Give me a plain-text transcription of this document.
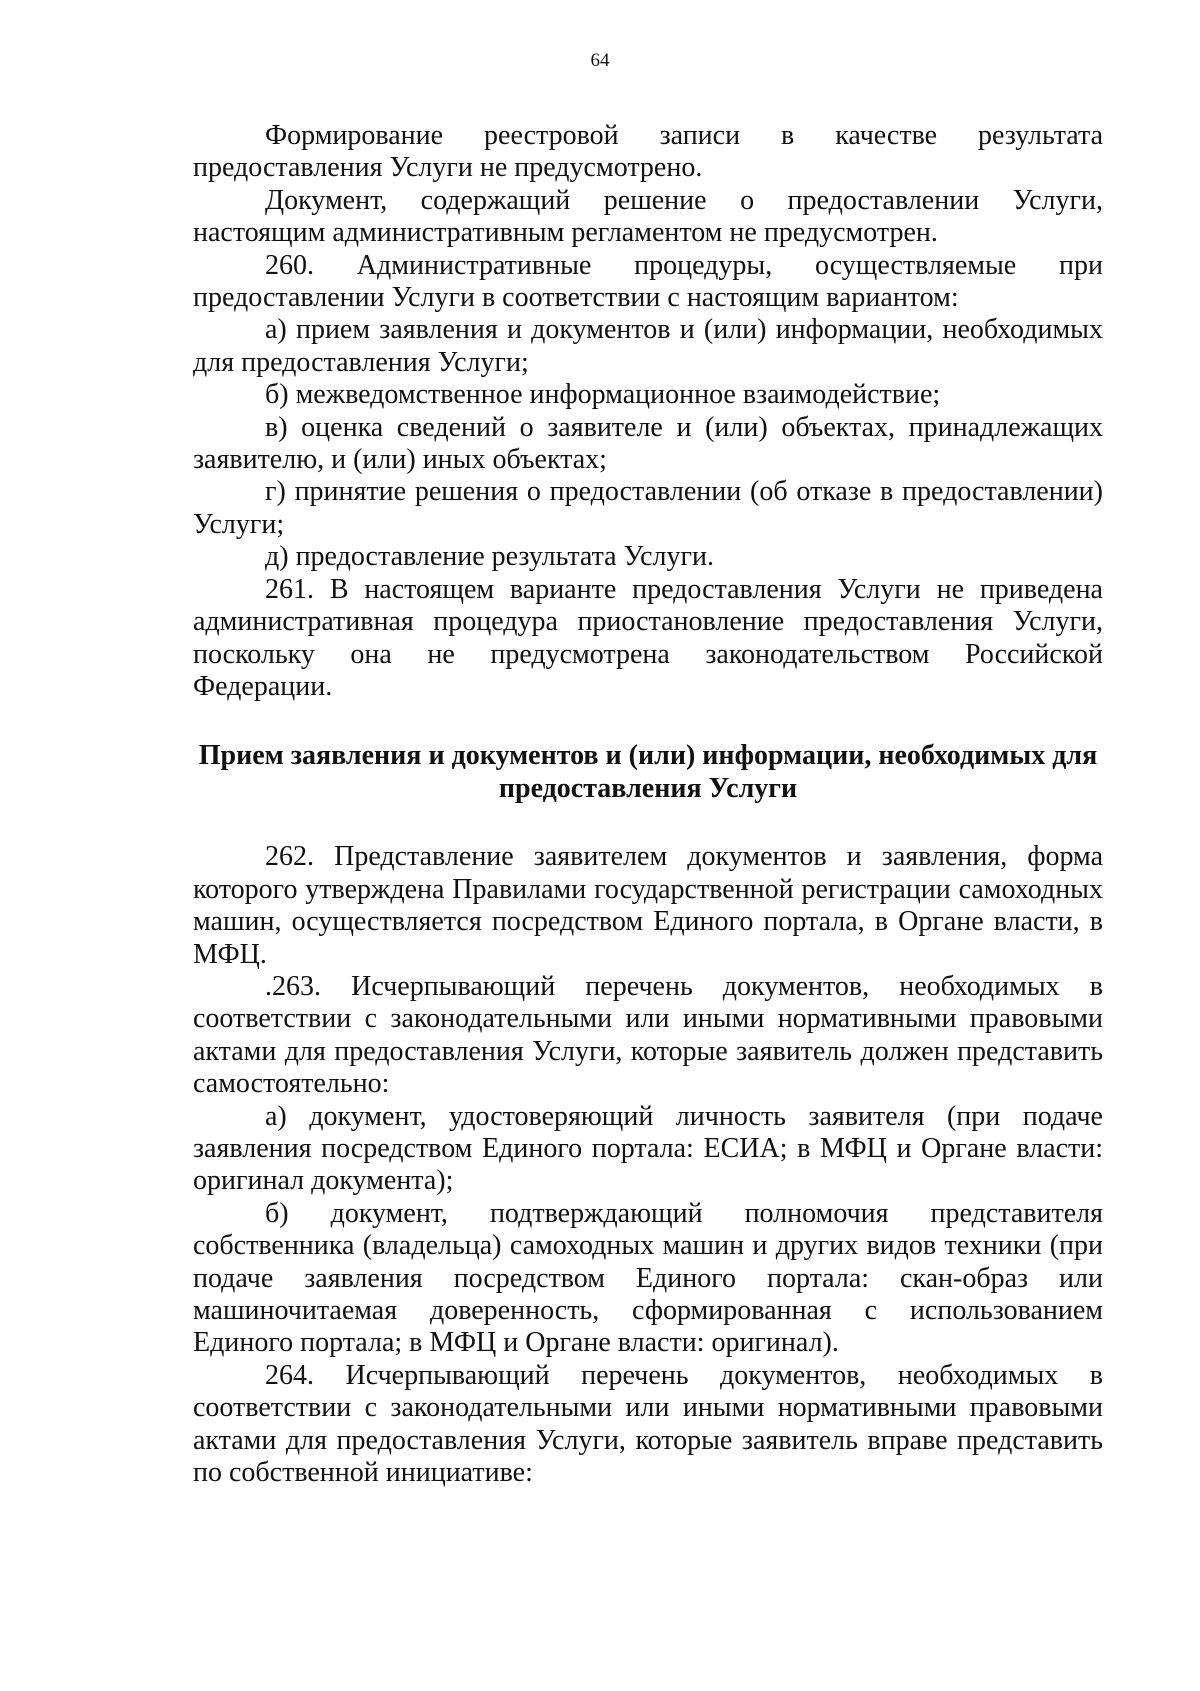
64

Формирование реестровой записи в качестве результата предоставления Услуги не предусмотрено.

Документ, содержащий решение о предоставлении Услуги, настоящим административным регламентом не предусмотрен.

260. Административные процедуры, осуществляемые при предоставлении Услуги в соответствии с настоящим вариантом:

а) прием заявления и документов и (или) информации, необходимых для предоставления Услуги;

б) межведомственное информационное взаимодействие;

в) оценка сведений о заявителе и (или) объектах, принадлежащих заявителю, и (или) иных объектах;

г) принятие решения о предоставлении (об отказе в предоставлении) Услуги;

д) предоставление результата Услуги.

261. В настоящем варианте предоставления Услуги не приведена административная процедура приостановление предоставления Услуги, поскольку она не предусмотрена законодательством Российской Федерации.

Прием заявления и документов и (или) информации, необходимых для предоставления Услуги

262. Представление заявителем документов и заявления, форма которого утверждена Правилами государственной регистрации самоходных машин, осуществляется посредством Единого портала, в Органе власти, в МФЦ.

.263. Исчерпывающий перечень документов, необходимых в соответствии с законодательными или иными нормативными правовыми актами для предоставления Услуги, которые заявитель должен представить самостоятельно:

а) документ, удостоверяющий личность заявителя (при подаче заявления посредством Единого портала: ЕСИА; в МФЦ и Органе власти: оригинал документа);

б) документ, подтверждающий полномочия представителя собственника (владельца) самоходных машин и других видов техники (при подаче заявления посредством Единого портала: скан-образ или машиночитаемая доверенность, сформированная с использованием Единого портала; в МФЦ и Органе власти: оригинал).

264. Исчерпывающий перечень документов, необходимых в соответствии с законодательными или иными нормативными правовыми актами для предоставления Услуги, которые заявитель вправе представить по собственной инициативе:
